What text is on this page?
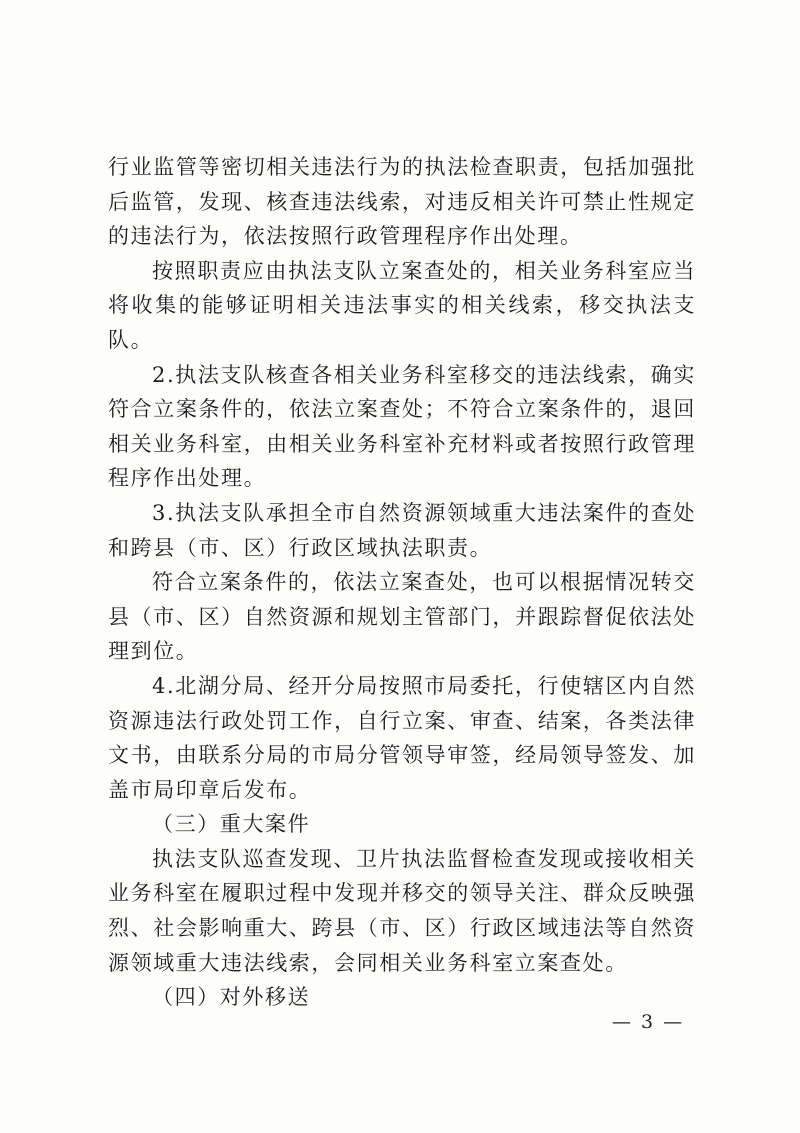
行业监管等密切相关违法行为的执法检查职责，包括加强批后监管，发现、核查违法线索，对违反相关许可禁止性规定的违法行为，依法按照行政管理程序作出处理。

按照职责应由执法支队立案查处的，相关业务科室应当将收集的能够证明相关违法事实的相关线索，移交执法支队。

2.执法支队核查各相关业务科室移交的违法线索，确实符合立案条件的，依法立案查处；不符合立案条件的，退回相关业务科室，由相关业务科室补充材料或者按照行政管理程序作出处理。

3.执法支队承担全市自然资源领域重大违法案件的查处和跨县（市、区）行政区域执法职责。

符合立案条件的，依法立案查处，也可以根据情况转交县（市、区）自然资源和规划主管部门，并跟踪督促依法处理到位。

4.北湖分局、经开分局按照市局委托，行使辖区内自然资源违法行政处罚工作，自行立案、审查、结案，各类法律文书，由联系分局的市局分管领导审签，经局领导签发、加盖市局印章后发布。

（三）重大案件

执法支队巡查发现、卫片执法监督检查发现或接收相关业务科室在履职过程中发现并移交的领导关注、群众反映强烈、社会影响重大、跨县（市、区）行政区域违法等自然资源领域重大违法线索，会同相关业务科室立案查处。

（四）对外移送

— 3 —
